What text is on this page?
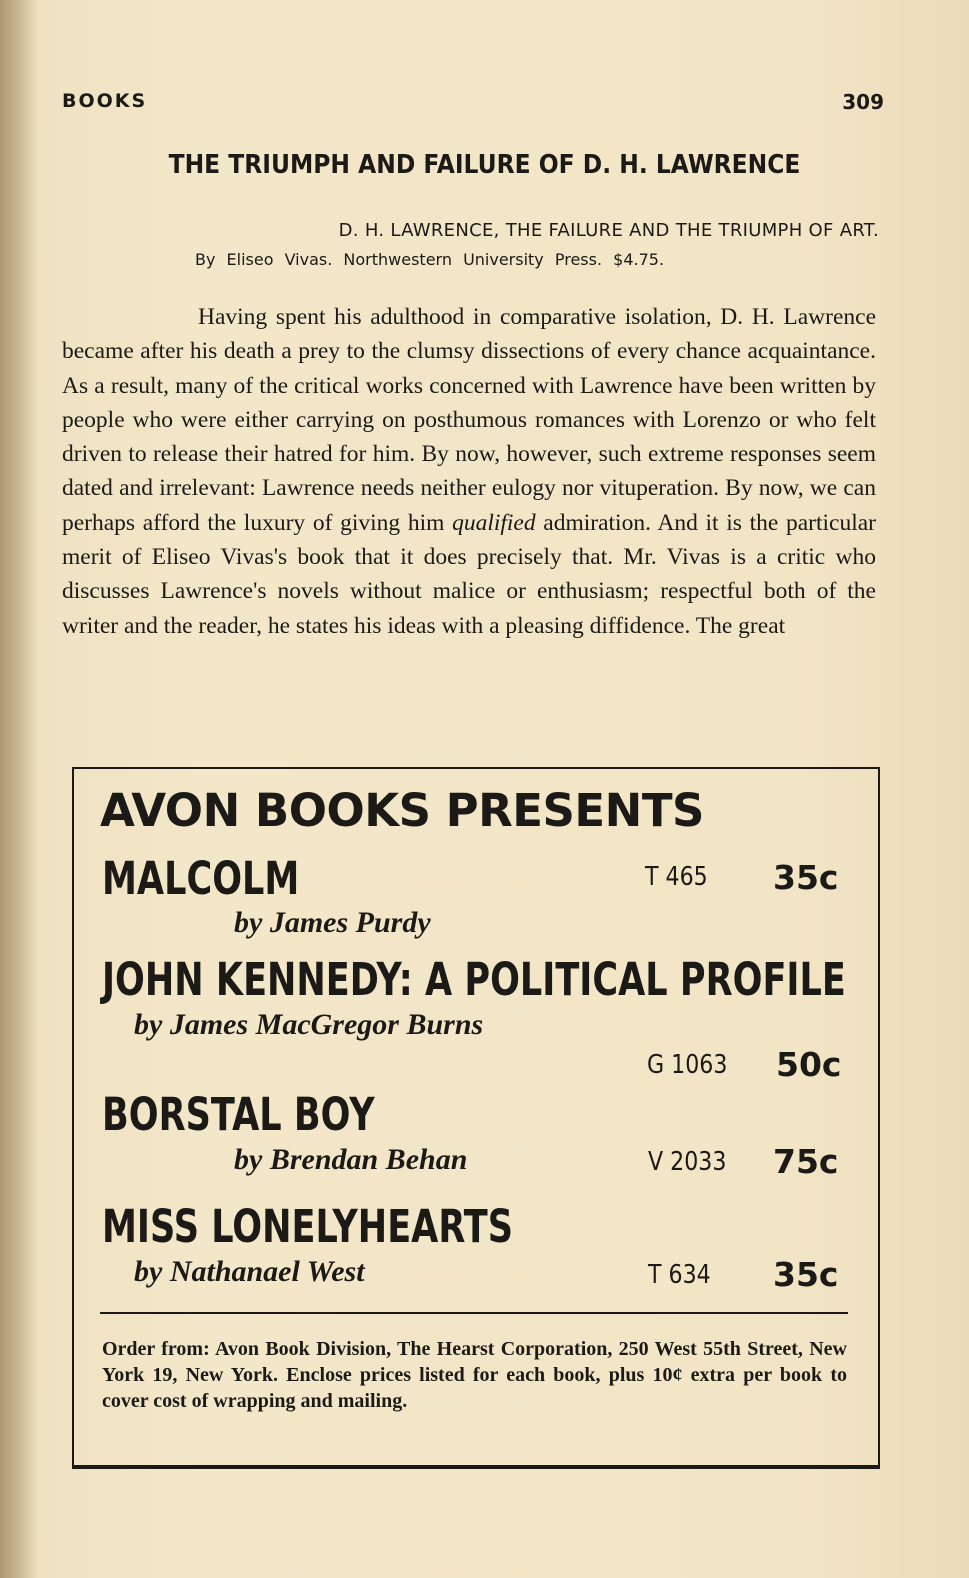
BOOKS	309
THE TRIUMPH AND FAILURE OF D. H. LAWRENCE
D. H. LAWRENCE, THE FAILURE AND THE TRIUMPH OF ART.
By Eliseo Vivas. Northwestern University Press. $4.75.

Having spent his adulthood in comparative isolation, D. H. Lawrence became after his death a prey to the clumsy dissections of every chance acquaintance. As a result, many of the critical works concerned with Lawrence have been written by people who were either carrying on posthumous romances with Lorenzo or who felt driven to release their hatred for him. By now, however, such extreme responses seem dated and irrelevant: Lawrence needs neither eulogy nor vituperation. By now, we can perhaps afford the luxury of giving him qualified admiration. And it is the particular merit of Eliseo Vivas's book that it does precisely that. Mr. Vivas is a critic who discusses Lawrence's novels without malice or enthusiasm; respectful both of the writer and the reader, he states his ideas with a pleasing diffidence. The great

AVON BOOKS PRESENTS
MALCOLM	T 465 35c
by James Purdy
JOHN KENNEDY: A POLITICAL PROFILE
by James MacGregor Burns
G 1063 50c
BORSTAL BOY
by Brendan Behan	V 2033 75c
MISS LONELYHEARTS
by Nathanael West	T 634 35c
Order from: Avon Book Division, The Hearst Corporation, 250 West 55th Street, New York 19, New York. Enclose prices listed for each book, plus 10¢ extra per book to cover cost of wrapping and mailing.
